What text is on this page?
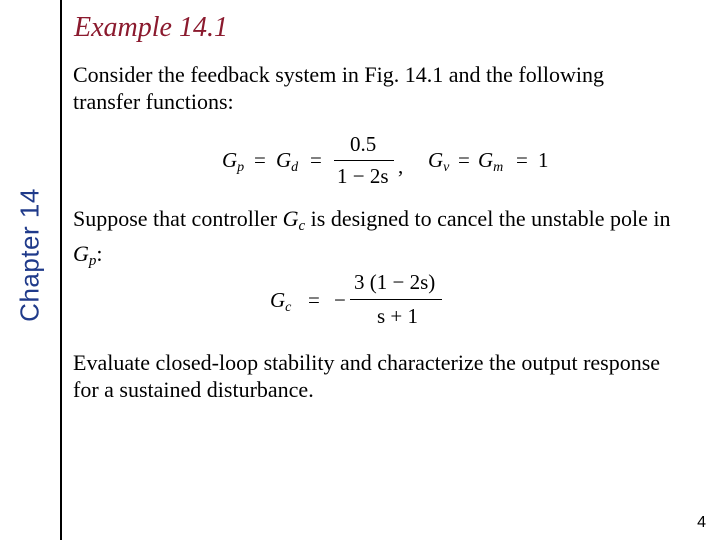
Chapter 14
Example 14.1
Consider the feedback system in Fig. 14.1 and the following transfer functions:
$G_p = G_d$ =
0.5
1 − 2s , $G_v = G_m = 1$
Suppose that controller $G_c$ is designed to cancel the unstable pole in $G_p$:
$G_c$ = −
3 (1 − 2s)
s + 1
Evaluate closed-loop stability and characterize the output response for a sustained disturbance.
4
